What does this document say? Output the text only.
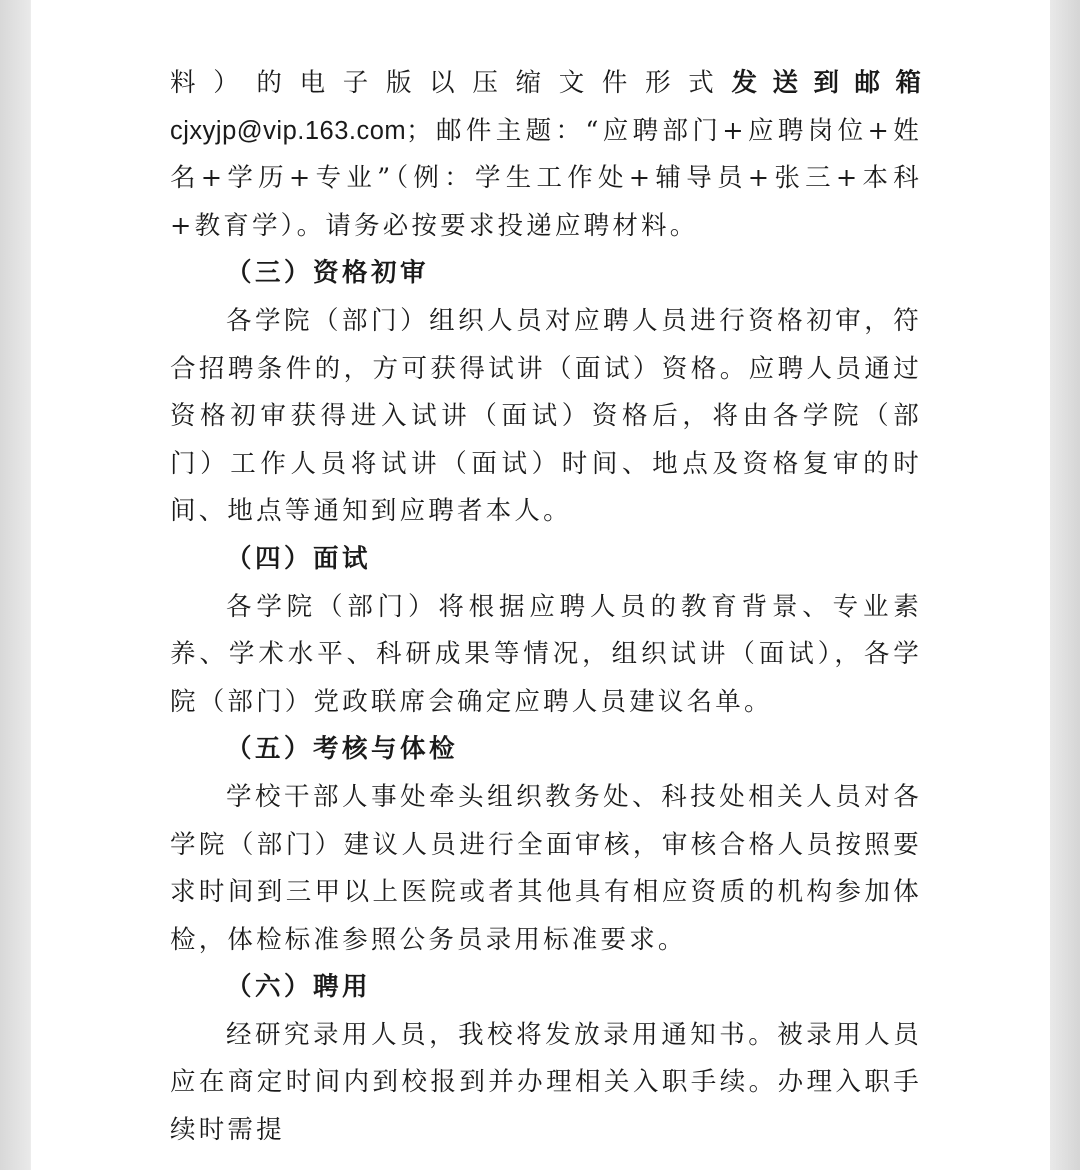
料）的电子版以压缩文件形式发送到邮箱 cjxyjp@vip.163.com；邮件主题：“应聘部门+应聘岗位+姓名+学历+专业”（例：学生工作处+辅导员+张三+本科+教育学）。请务必按要求投递应聘材料。

（三）资格初审

各学院（部门）组织人员对应聘人员进行资格初审，符合招聘条件的，方可获得试讲（面试）资格。应聘人员通过资格初审获得进入试讲（面试）资格后，将由各学院（部门）工作人员将试讲（面试）时间、地点及资格复审的时间、地点等通知到应聘者本人。

（四）面试

各学院（部门）将根据应聘人员的教育背景、专业素养、学术水平、科研成果等情况，组织试讲（面试），各学院（部门）党政联席会确定应聘人员建议名单。

（五）考核与体检

学校干部人事处牵头组织教务处、科技处相关人员对各学院（部门）建议人员进行全面审核，审核合格人员按照要求时间到三甲以上医院或者其他具有相应资质的机构参加体检，体检标准参照公务员录用标准要求。

（六）聘用

经研究录用人员，我校将发放录用通知书。被录用人员应在商定时间内到校报到并办理相关入职手续。办理入职手续时需提
